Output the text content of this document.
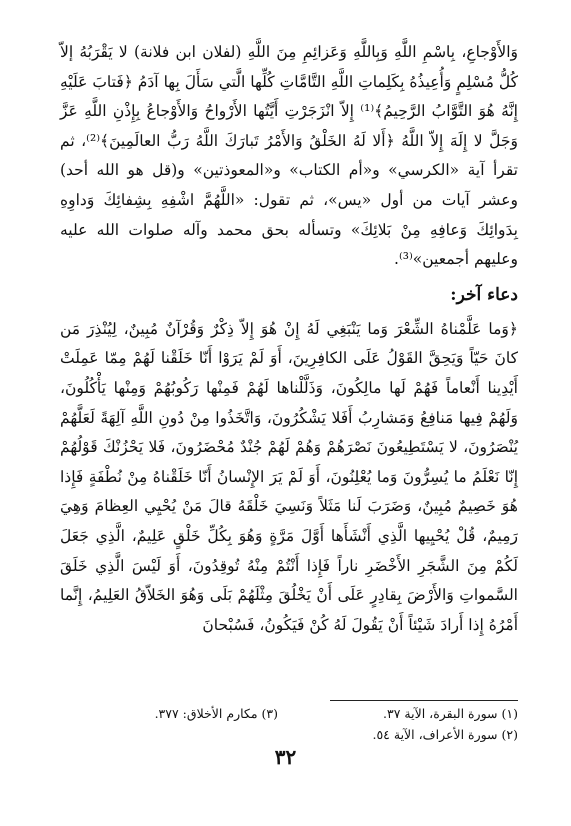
وَالأَوْجاعِ، بِاسْمِ اللَّهِ وَبِاللَّهِ وَعَزائِمِ مِنَ اللَّهِ (لفلان ابن فلانة) لا يَقْرَبُهُ إلاّ كُلُّ مُسْلِمٍ وَأُعِيذُهُ بِكَلِماتِ اللَّهِ التَّامَّاتِ كُلِّها الَّتي سَأَلَ بِها آدَمُ ﴿فَتابَ عَلَيْهِ إِنَّهُ هُوَ التَّوَّابُ الرَّحِيمُ﴾⁽¹⁾ إِلاّ انْزَجَرْتِ أَيَّتُها الأَرْواحُ وَالأَوْجاعُ بِإِذْنِ اللَّهِ عَزَّ وَجَلَّ لا إِلَهَ إِلاّ اللَّهُ ﴿أَلا لَهُ الخَلْقُ وَالأَمْرُ تَبارَكَ اللَّهُ رَبُّ العالَمِينَ﴾⁽²⁾، ثم تقرأ آية «الكرسي» و«أم الكتاب» و«المعوذتين» و(قل هو الله أحد) وعشر آيات من أول «يس»، ثم تقول: «اللَّهُمَّ اشْفِهِ بِشِفائِكَ وَداوِهِ بِدَوائِكَ وَعافِهِ مِنْ بَلائِكَ» وتسأله بحق محمد وآله صلوات الله عليه وعليهم أجمعين»⁽³⁾.

دعاء آخر:

﴿وَما عَلَّمْناهُ الشِّعْرَ وَما يَنْبَغِي لَهُ إِنْ هُوَ إِلاّ ذِكْرٌ وَقُرْآنٌ مُبِينٌ، لِيُنْذِرَ مَن كانَ حَيّاً وَيَحِقَّ القَوْلُ عَلَى الكافِرِينَ، أَوَ لَمْ يَرَوْا أَنّا خَلَقْنا لَهُمْ مِمّا عَمِلَتْ أَيْدِينا أَنْعاماً فَهُمْ لَها مالِكُونَ، وَذَلَّلْناها لَهُمْ فَمِنْها رَكُوبُهُمْ وَمِنْها يَأْكُلُونَ، وَلَهُمْ فِيها مَنافِعُ وَمَشارِبُ أَفَلا يَشْكُرُونَ، وَاتَّخَذُوا مِنْ دُونِ اللَّهِ آلِهَةً لَعَلَّهُمْ يُنْصَرُونَ، لا يَسْتَطِيعُونَ نَصْرَهُمْ وَهُمْ لَهُمْ جُنْدٌ مُحْضَرُونَ، فَلا يَحْزُنْكَ قَوْلُهُمْ إِنّا نَعْلَمُ ما يُسِرُّونَ وَما يُعْلِنُونَ، أَوَ لَمْ يَرَ الإِنْسانُ أَنّا خَلَقْناهُ مِنْ نُطْفَةٍ فَإِذا هُوَ خَصِيمٌ مُبِينٌ، وَضَرَبَ لَنا مَثَلاً وَنَسِيَ خَلْقَهُ قالَ مَنْ يُحْيِي العِظامَ وَهِيَ رَمِيمٌ، قُلْ يُحْيِيها الَّذِي أَنْشَأَها أَوَّلَ مَرَّةٍ وَهُوَ بِكُلِّ خَلْقٍ عَلِيمٌ، الَّذِي جَعَلَ لَكُمْ مِنَ الشَّجَرِ الأَخْضَرِ ناراً فَإِذا أَنْتُمْ مِنْهُ تُوقِدُونَ، أَوَ لَيْسَ الَّذِي خَلَقَ السَّمواتِ وَالأَرْضَ بِقادِرٍ عَلَى أَنْ يَخْلُقَ مِثْلَهُمْ بَلَى وَهُوَ الخَلاّقُ العَلِيمُ، إِنَّما أَمْرُهُ إِذا أَرادَ شَيْئاً أَنْ يَقُولَ لَهُ كُنْ فَيَكُونُ، فَسُبْحانَ

(١) سورة البقرة، الآية ٣٧.
(٢) سورة الأعراف، الآية ٥٤.
(٣) مكارم الأخلاق: ٣٧٧.
٣٢
